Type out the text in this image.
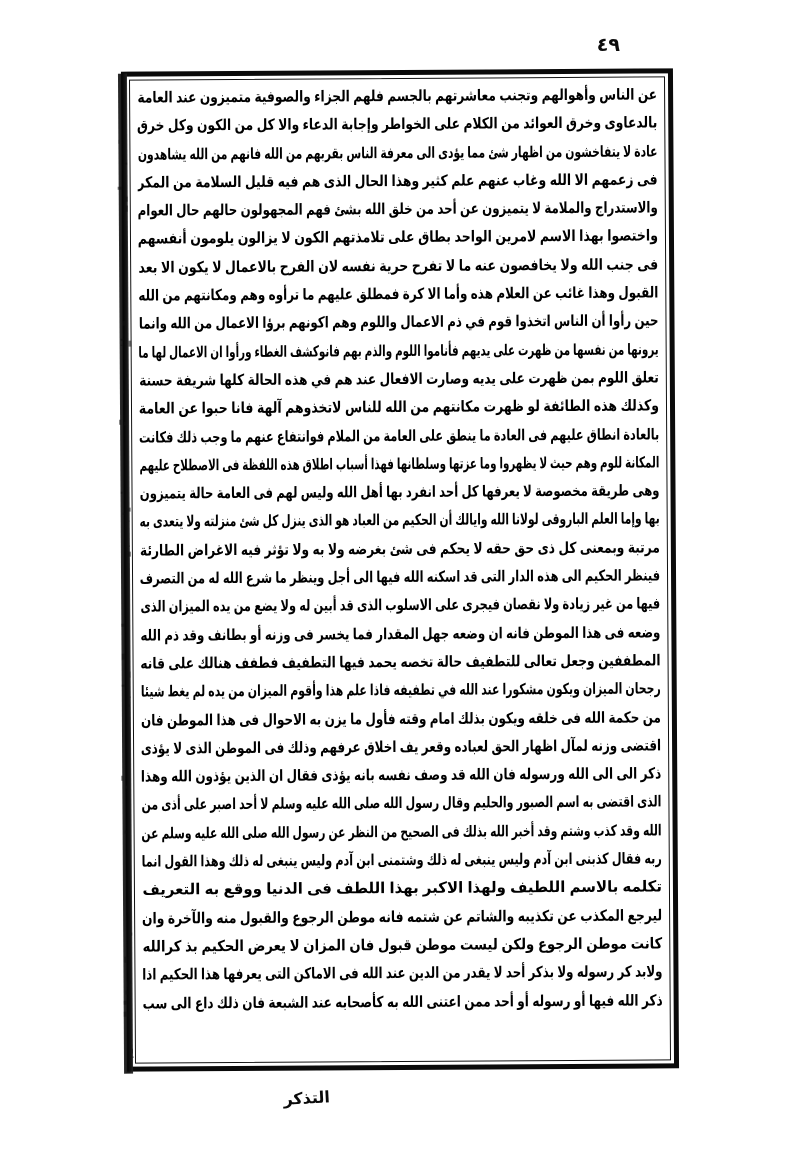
٤٩
عن الناس وأهوالهم وتجنب معاشرتهم بالجسم فلهم الجزاء والصوفية متميزون عند العامة
بالدعاوى وخرق العوائد من الكلام على الخواطر وإجابة الدعاء والا كل من الكون وكل خرق
عادة لا يتفاخشون من اظهار شئ مما يؤدى الى معرفة الناس بقربهم من الله فانهم من الله يشاهدون
فى زعمهم الا الله وغاب عنهم علم كثير وهذا الحال الذى هم فيه قليل السلامة من المكر
والاستدراج والملامة لا يتميزون عن أحد من خلق الله بشئ فهم المجهولون حالهم حال العوام
واختصوا بهذا الاسم لامرين الواحد بطاق على تلامذتهم الكون لا يزالون يلومون أنفسهم
فى جنب الله ولا يخافصون عنه ما لا تفرح حرية نفسه لان الفرح بالاعمال لا يكون الا بعد
القبول وهذا غائب عن العلام هذه وأما الا كرة فمطلق عليهم ما ترأوه وهم ومكانتهم من الله
حين رأوا أن الناس اتخذوا قوم في ذم الاعمال واللوم وهم اكونهم برؤا الاعمال من الله وانما
يرونها من نفسها من ظهرت على يديهم فأناموا اللوم والذم بهم فانوكشف الغطاء ورأوا ان الاعمال لها ما
تعلق اللوم بمن ظهرت على يديه وصارت الافعال عند هم في هذه الحالة كلها شريفة حسنة
وكذلك هذه الطائفة لو ظهرت مكانتهم من الله للناس لاتخذوهم آلهة فانا حبوا عن العامة
بالعادة انطاق عليهم فى العادة ما ينطق على العامة من الملام فوانتفاع عنهم ما وجب ذلك فكانت
المكانة للوم وهم حيث لا يظهروا وما عزتها وسلطانها فهذا أسباب اطلاق هذه اللفظة فى الاصطلاح عليهم
وهى طريقة مخصوصة لا يعرفها كل أحد انفرد بها أهل الله وليس لهم فى العامة حالة يتميزون
بها وإما العلم الباروقى لولانا الله وايالك أن الحكيم من العباد هو الذى ينزل كل شئ منزلته ولا يتعدى به
مرتبة وبمعنى كل ذى حق حقه لا يحكم فى شئ بغرضه ولا به ولا تؤثر فيه الاغراض الطارئة
فينظر الحكيم الى هذه الدار التى قد اسكنه الله فيها الى أجل وينظر ما شرع الله له من التصرف
فيها من غير زيادة ولا نقصان فيجرى على الاسلوب الذى قد أبين له ولا يضع من يده الميزان الذى
وضعه فى هذا الموطن فانه ان وضعه جهل المقدار فما يخسر فى وزنه أو بطانف وقد ذم الله
المطففين وجعل تعالى للتطفيف حالة تخصه يحمد فيها التطفيف فطفف هنالك على قانه
رجحان الميزان ويكون مشكورا عند الله في تطفيفه فاذا علم هذا وأقوم الميزان من يده لم يغط شيئا
من حكمة الله فى خلقه ويكون بذلك امام وقته فأول ما يزن به الاحوال فى هذا الموطن فان
اقتضى وزنه لمآل اظهار الحق لعباده وقعر يف اخلاق عرفهم وذلك فى الموطن الذى لا يؤذى
ذكر الى الى الله ورسوله فان الله قد وصف نفسه بانه يؤذى فقال ان الذين يؤذون الله وهذا
الذى اقتضى به اسم الصبور والحليم وقال رسول الله صلى الله عليه وسلم لا أحد اصبر على أذى من
الله وقد كذب وشتم وقد أخبر الله بذلك فى الصحيح من النظر عن رسول الله صلى الله عليه وسلم عن
ربه فقال كذبنى ابن آدم وليس ينبغى له ذلك وشتمنى ابن آدم وليس ينبغى له ذلك وهذا القول انما
تكلمه بالاسم اللطيف ولهذا الاكبر بهذا اللطف فى الدنيا ووقع به التعريف
ليرجع المكذب عن تكذيبه والشاتم عن شتمه فانه موطن الرجوع والقبول منه والآخرة وان
كانت موطن الرجوع ولكن ليست موطن قبول فان المزان لا يعرض الحكيم بذ كرالله
ولابد كر رسوله ولا بذكر أحد لا يقدر من الدين عند الله فى الاماكن التى يعرفها هذا الحكيم اذا
ذكر الله فيها أو رسوله أو أحد ممن اعتنى الله به كأصحابه عند الشبعة فان ذلك داع الى سب
التذكر
